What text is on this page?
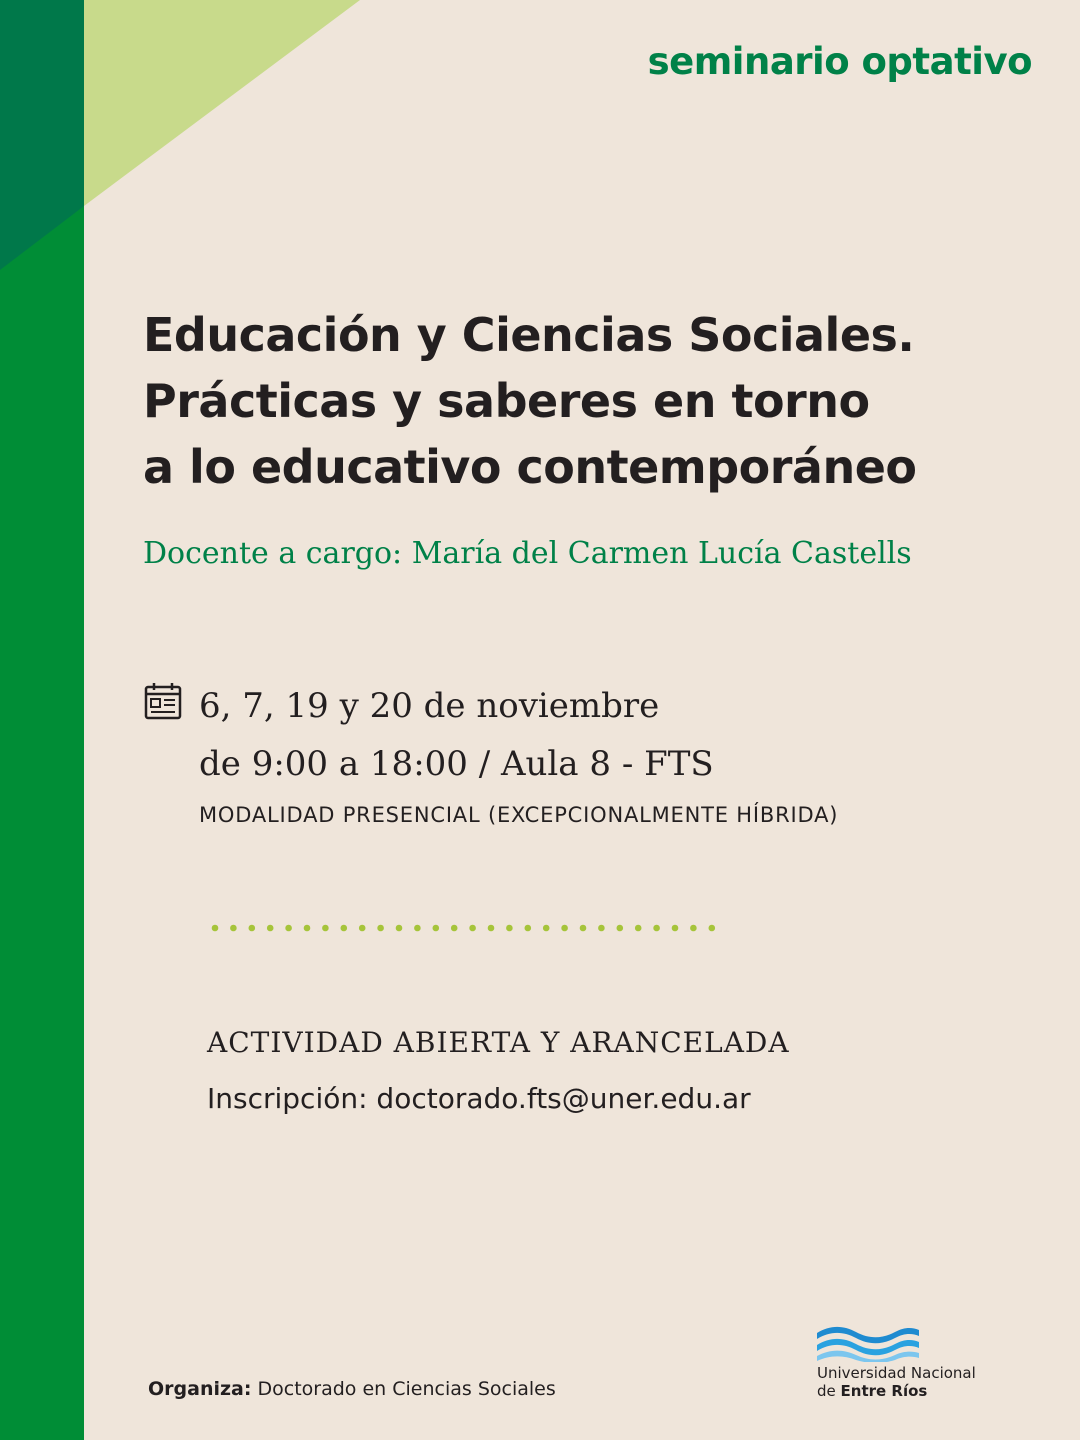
seminario optativo
Educación y Ciencias Sociales.
Prácticas y saberes en torno
a lo educativo contemporáneo
Docente a cargo: María del Carmen Lucía Castells
6, 7, 19 y 20 de noviembre
de 9:00 a 18:00 / Aula 8 - FTS
MODALIDAD PRESENCIAL (EXCEPCIONALMENTE HÍBRIDA)
ACTIVIDAD ABIERTA Y ARANCELADA
Inscripción: doctorado.fts@uner.edu.ar
Organiza: Doctorado en Ciencias Sociales
Universidad Nacional
de Entre Ríos
